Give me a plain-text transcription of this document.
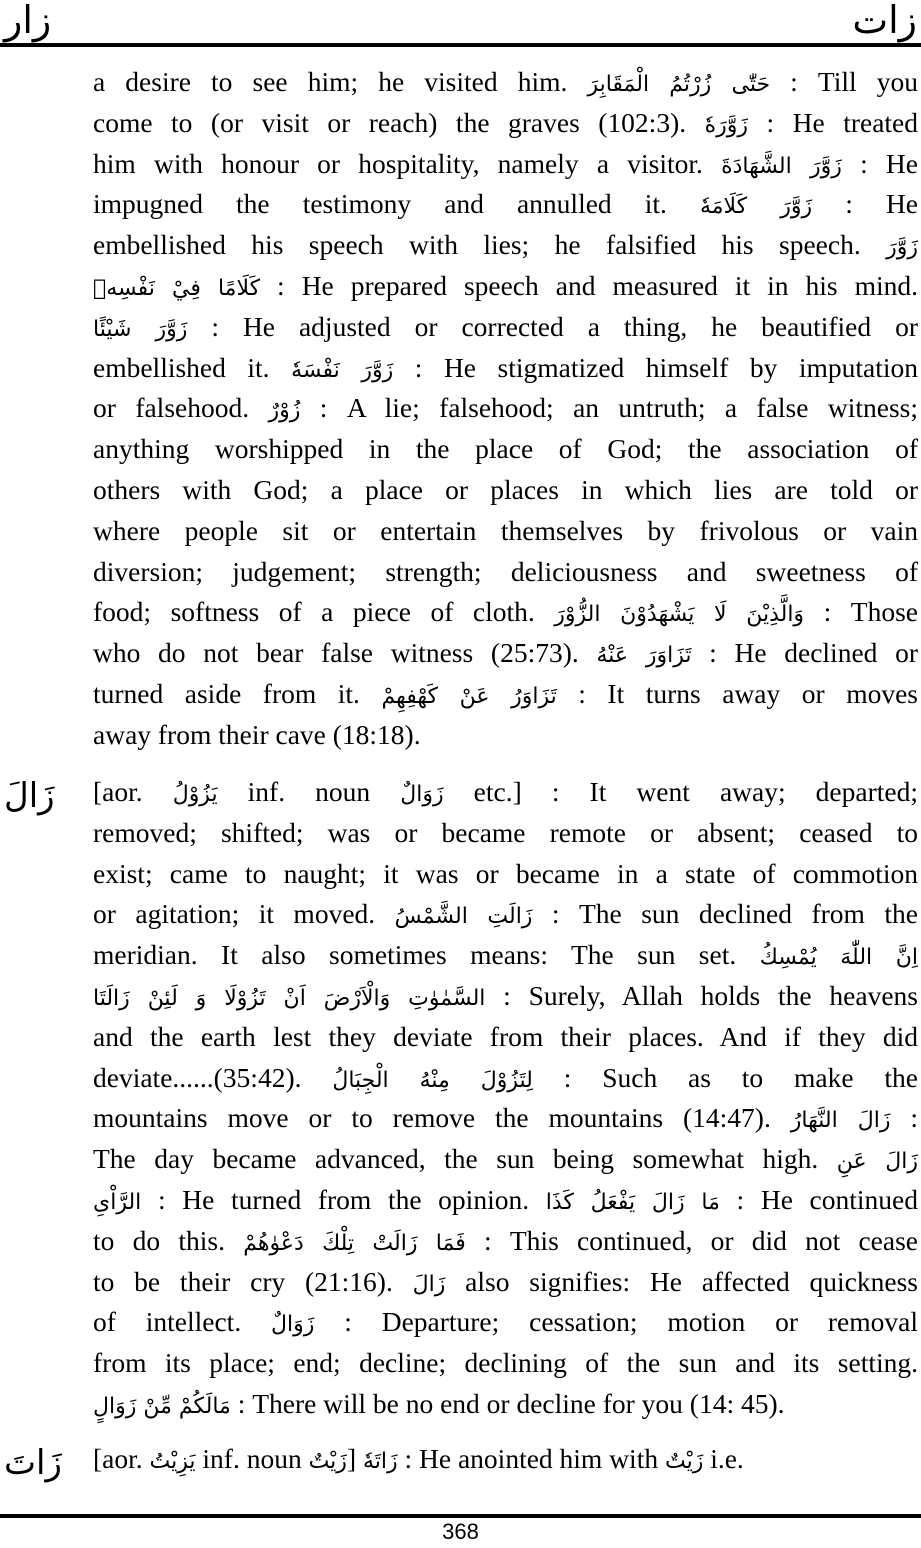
زار	زات
a desire to see him; he visited him. حَتّٰى زُرْتُمُ الْمَقَابِرَ : Till you
come to (or visit or reach) the graves (102:3). زَوَّرَهٗ : He treated
him with honour or hospitality, namely a visitor. زَوَّرَ الشَّهَادَةَ : He
impugned the testimony and annulled it. زَوَّرَ كَلَامَهٗ : He
embellished his speech with lies; he falsified his speech. زَوَّرَ
كَلَامًا فِيْ نَفْسِهٖ : He prepared speech and measured it in his mind.
زَوَّرَ شَيْئًا : He adjusted or corrected a thing, he beautified or
embellished it. زَوَّرَ نَفْسَهٗ : He stigmatized himself by imputation
or falsehood. زُوْرٌ : A lie; falsehood; an untruth; a false witness;
anything worshipped in the place of God; the association of
others with God; a place or places in which lies are told or
where people sit or entertain themselves by frivolous or vain
diversion; judgement; strength; deliciousness and sweetness of
food; softness of a piece of cloth. وَالَّذِيْنَ لَا يَشْهَدُوْنَ الزُّوْرَ : Those
who do not bear false witness (25:73). تَزَاوَرَ عَنْهُ : He declined or
turned aside from it. تَزَاوَرُ عَنْ كَهْفِهِمْ : It turns away or moves
away from their cave (18:18).
زَالَ [aor. يَزُوْلُ inf. noun زَوَالٌ etc.] : It went away; departed;
removed; shifted; was or became remote or absent; ceased to
exist; came to naught; it was or became in a state of commotion
or agitation; it moved. زَالَتِ الشَّمْسُ : The sun declined from the
meridian. It also sometimes means: The sun set. اِنَّ اللّٰهَ يُمْسِكُ
السَّمٰوٰتِ وَالْاَرْضَ اَنْ تَزُوْلَا وَ لَئِنْ زَالَتَا : Surely, Allah holds the heavens
and the earth lest they deviate from their places. And if they did
deviate......(35:42). لِتَزُوْلَ مِنْهُ الْجِبَالُ : Such as to make the
mountains move or to remove the mountains (14:47). زَالَ النَّهَارُ :
The day became advanced, the sun being somewhat high. زَالَ عَنِ
الرَّاْىِ : He turned from the opinion. مَا زَالَ يَفْعَلُ كَذَا : He continued
to do this. فَمَا زَالَتْ تِلْكَ دَعْوٰهُمْ : This continued, or did not cease
to be their cry (21:16). زَالَ also signifies: He affected quickness
of intellect. زَوَالٌ : Departure; cessation; motion or removal
from its place; end; decline; declining of the sun and its setting.
مَالَكُمْ مِّنْ زَوَالٍ : There will be no end or decline for you (14: 45).
زَاتَ [aor. يَزِيْتُ inf. noun زَيْتٌ] زَاتَهٗ : He anointed him with زَيْتٌ i.e.
368
